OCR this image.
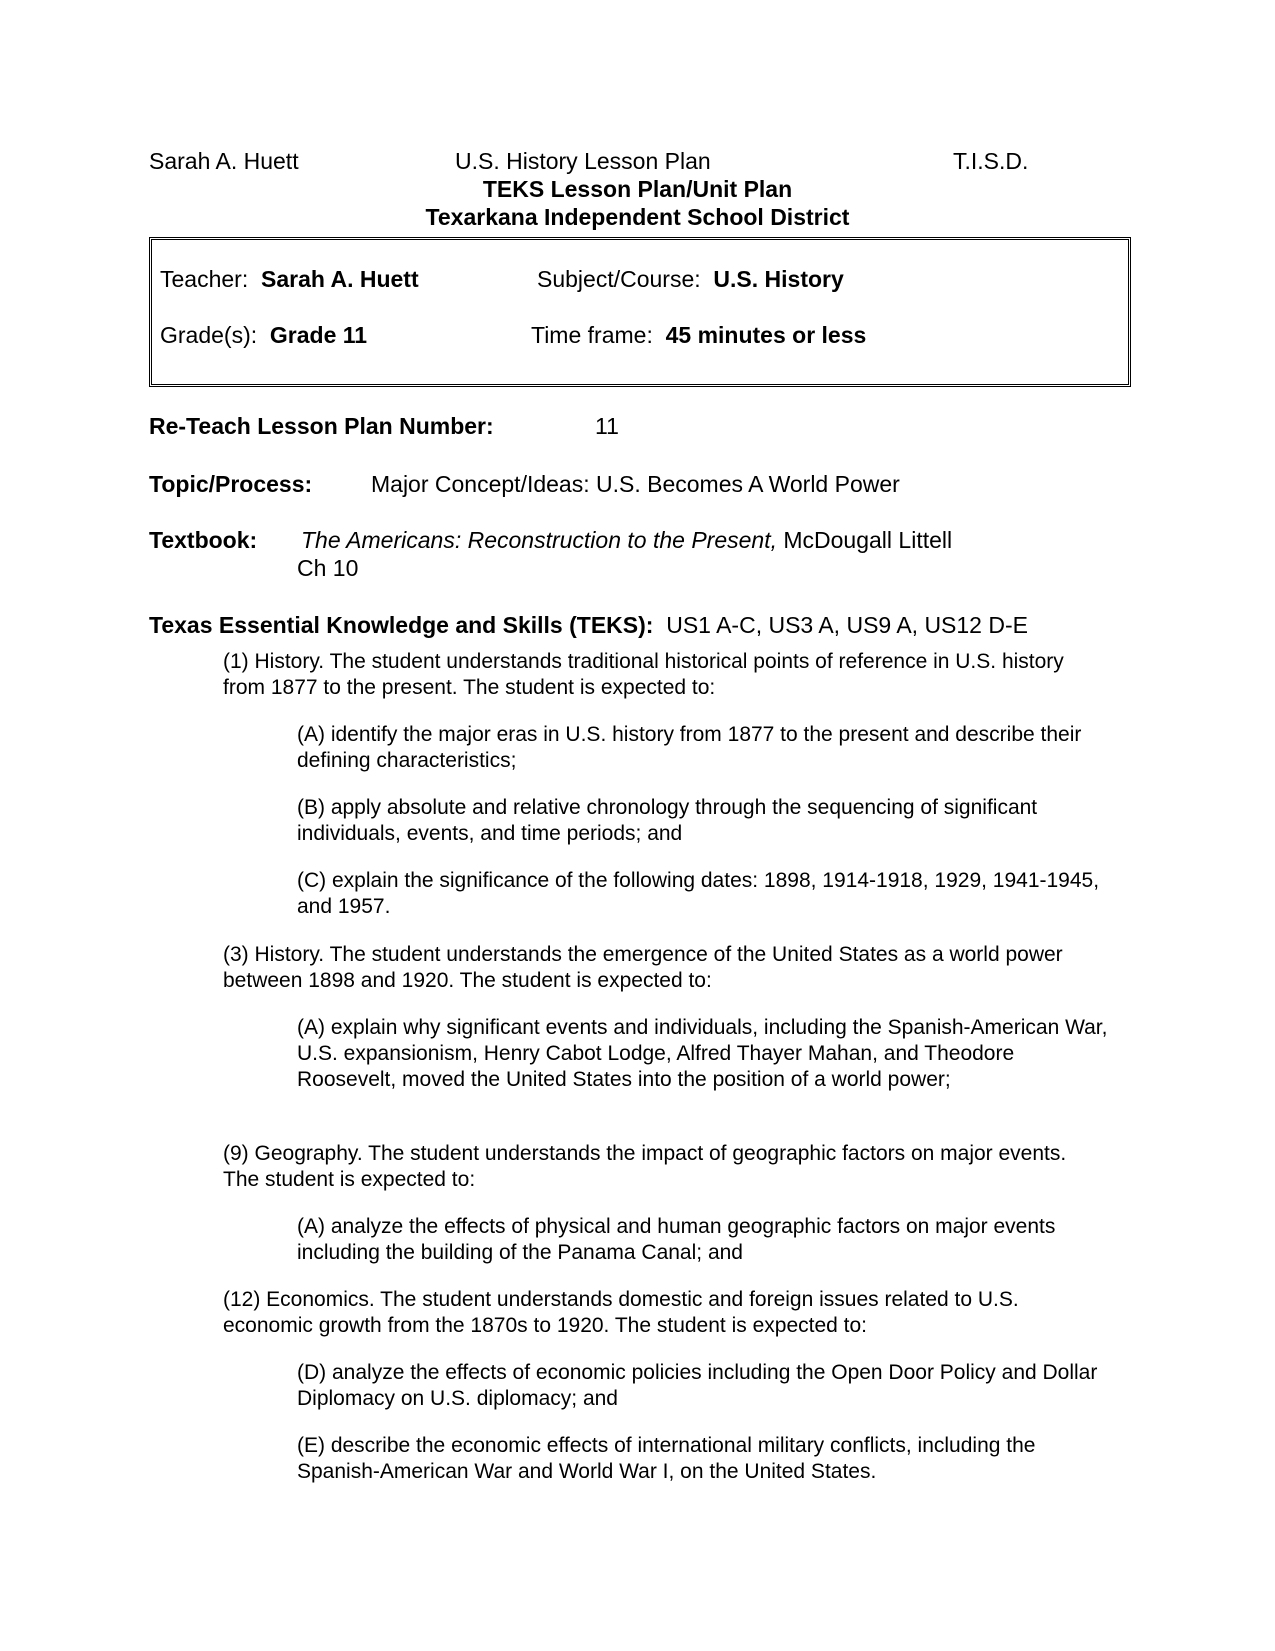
Sarah A. Huett	U.S. History Lesson Plan	T.I.S.D.
TEKS Lesson Plan/Unit Plan
Texarkana Independent School District
Teacher: Sarah A. Huett	Subject/Course: U.S. History
Grade(s): Grade 11	Time frame: 45 minutes or less
Re-Teach Lesson Plan Number:	11
Topic/Process:	Major Concept/Ideas: U.S. Becomes A World Power
Textbook: The Americans: Reconstruction to the Present, McDougall Littell
Ch 10
Texas Essential Knowledge and Skills (TEKS): US1 A-C, US3 A, US9 A, US12 D-E
(1) History. The student understands traditional historical points of reference in U.S. history from 1877 to the present. The student is expected to:
(A) identify the major eras in U.S. history from 1877 to the present and describe their defining characteristics;
(B) apply absolute and relative chronology through the sequencing of significant individuals, events, and time periods; and
(C) explain the significance of the following dates: 1898, 1914-1918, 1929, 1941-1945, and 1957.
(3) History. The student understands the emergence of the United States as a world power between 1898 and 1920. The student is expected to:
(A) explain why significant events and individuals, including the Spanish-American War, U.S. expansionism, Henry Cabot Lodge, Alfred Thayer Mahan, and Theodore Roosevelt, moved the United States into the position of a world power;
(9) Geography. The student understands the impact of geographic factors on major events. The student is expected to:
(A) analyze the effects of physical and human geographic factors on major events including the building of the Panama Canal; and
(12) Economics. The student understands domestic and foreign issues related to U.S. economic growth from the 1870s to 1920. The student is expected to:
(D) analyze the effects of economic policies including the Open Door Policy and Dollar Diplomacy on U.S. diplomacy; and
(E) describe the economic effects of international military conflicts, including the Spanish-American War and World War I, on the United States.
